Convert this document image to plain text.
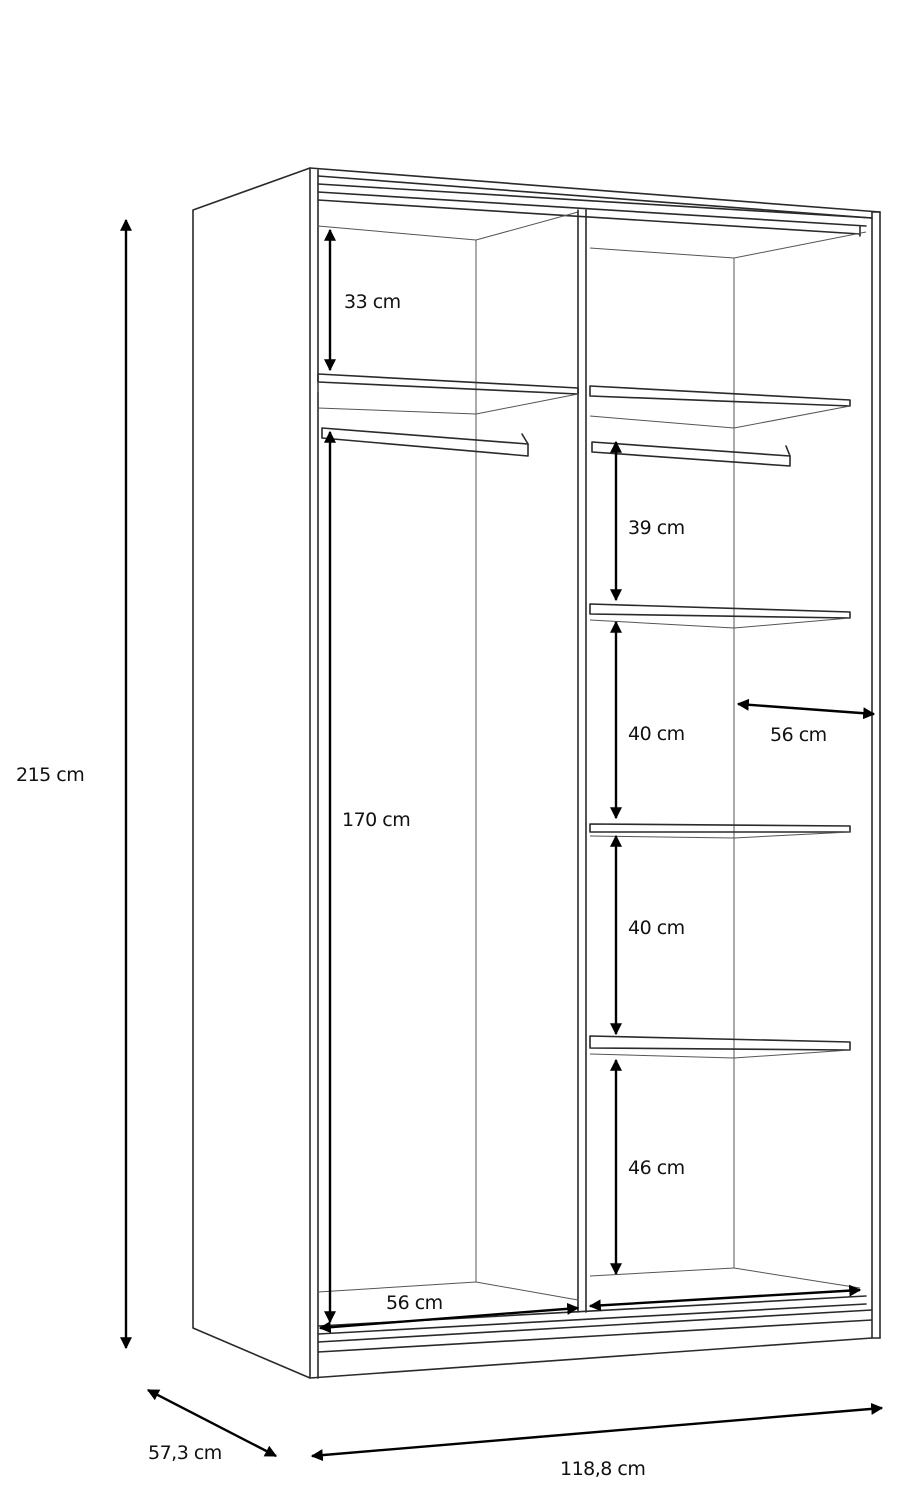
215 cm
57,3 cm
118,8 cm
33 cm
170 cm
56 cm
39 cm
40 cm
40 cm
46 cm
56 cm
